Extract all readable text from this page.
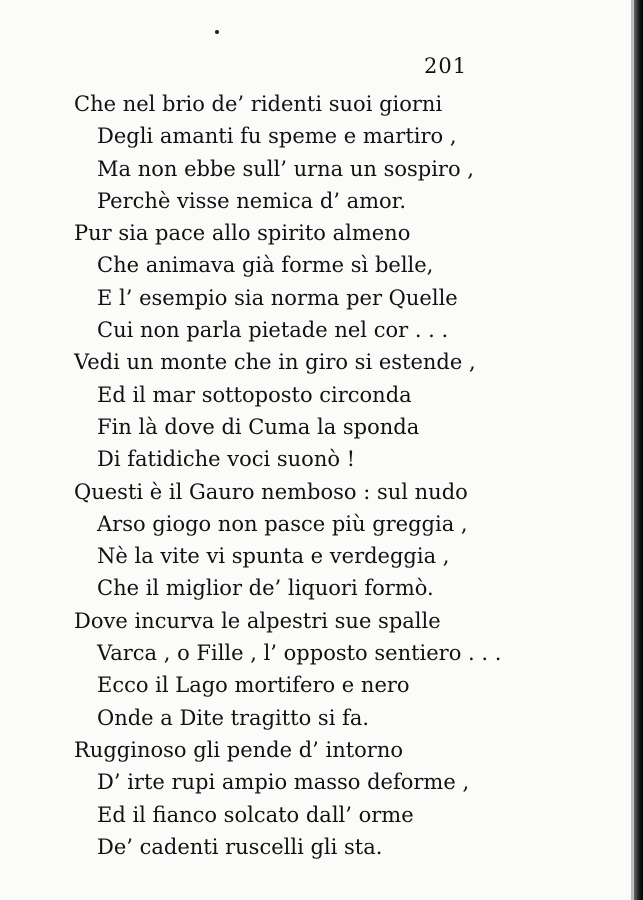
201
Che nel brio de’ ridenti suoi giorni
Degli amanti fu speme e martiro ,
Ma non ebbe sull’ urna un sospiro ,
Perchè visse nemica d’ amor.
Pur sia pace allo spirito almeno
Che animava già forme sì belle,
E l’ esempio sia norma per Quelle
Cui non parla pietade nel cor . . .
Vedi un monte che in giro si estende ,
Ed il mar sottoposto circonda
Fin là dove di Cuma la sponda
Di fatidiche voci suonò !
Questi è il Gauro nemboso : sul nudo
Arso giogo non pasce più greggia ,
Nè la vite vi spunta e verdeggia ,
Che il miglior de’ liquori formò.
Dove incurva le alpestri sue spalle
Varca , o Fille , l’ opposto sentiero . . .
Ecco il Lago mortifero e nero
Onde a Dite tragitto si fa.
Rugginoso gli pende d’ intorno
D’ irte rupi ampio masso deforme ,
Ed il fianco solcato dall’ orme
De’ cadenti ruscelli gli sta.
